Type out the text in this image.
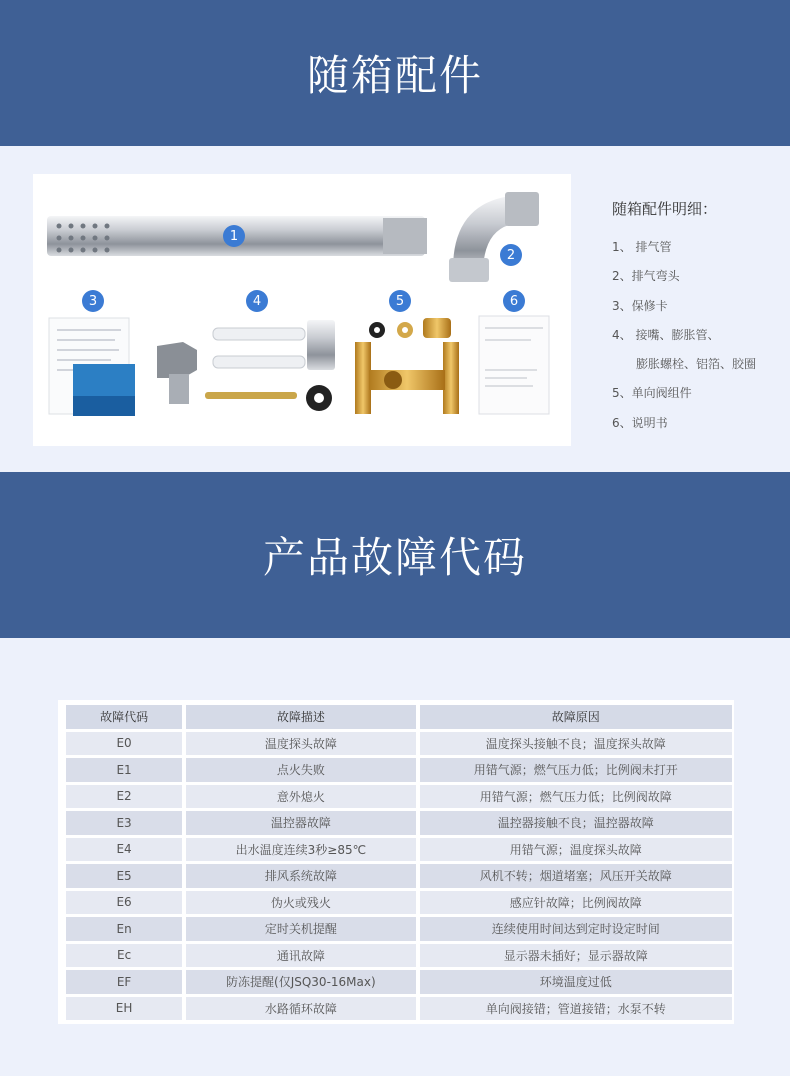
随箱配件
1
2
3	4	5	6
随箱配件明细：
1、 排气管
2、排气弯头
3、保修卡
4、 接嘴、膨胀管、
膨胀螺栓、铝箔、胶圈
5、单向阀组件
6、说明书
产品故障代码
故障代码	故障描述	故障原因
E0	温度探头故障	温度探头接触不良；温度探头故障
E1	点火失败	用错气源；燃气压力低；比例阀未打开
E2	意外熄火	用错气源；燃气压力低；比例阀故障
E3	温控器故障	温控器接触不良；温控器故障
E4	出水温度连续3秒≥85℃	用错气源；温度探头故障
E5	排风系统故障	风机不转；烟道堵塞；风压开关故障
E6	伪火或残火	感应针故障；比例阀故障
En	定时关机提醒	连续使用时间达到定时设定时间
Ec	通讯故障	显示器未插好；显示器故障
EF	防冻提醒(仅JSQ30-16Max)	环境温度过低
EH	水路循环故障	单向阀接错；管道接错；水泵不转
